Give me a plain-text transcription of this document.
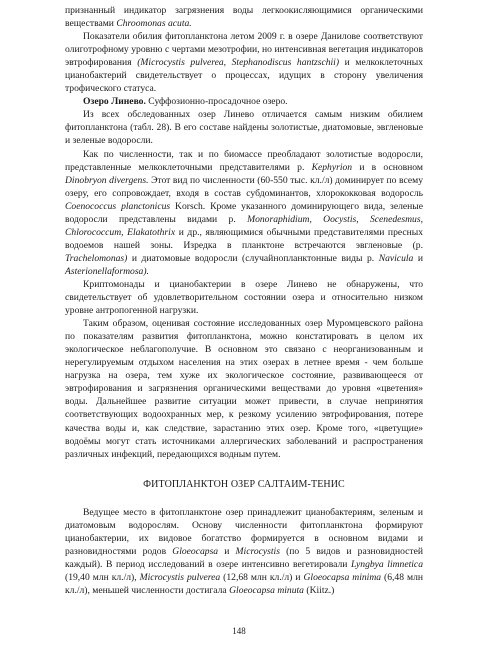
признанный индикатор загрязнения воды легкоокисляющимися органическими веществами Chroomonas acuta.

Показатели обилия фитопланктона летом 2009 г. в озере Данилове соответствуют олиготрофному уровню с чертами мезотрофии, но интенсивная вегетация индикаторов эвтрофирования (Microcystis pulverea, Stephanodiscus hantzschii) и мелкоклеточных цианобактерий свидетельствует о процессах, идущих в сторону увеличения трофического статуса.

Озеро Линево. Суффозионно-просадочное озеро.

Из всех обследованных озер Линево отличается самым низким обилием фитопланктона (табл. 28). В его составе найдены золотистые, диатомовые, эвгленовые и зеленые водоросли.

Как по численности, так и по биомассе преобладают золотистые водоросли, представленные мелкоклеточными представителями р. Kephyrion и в основном Dinobryon divergens. Этот вид по численности (60-550 тыс. кл./л) доминирует по всему озеру, его сопровождает, входя в состав субдоминантов, хлорококковая водоросль Coenococcus planctonicus Korsch. Кроме указанного доминирующего вида, зеленые водоросли представлены видами р. Monoraphidium, Oocystis, Scenedesmus, Chlorococcum, Elakatothrix и др., являющимися обычными представителями пресных водоемов нашей зоны. Изредка в планктоне встречаются эвгленовые (р. Trachelomonas) и диатомовые водоросли (случайнопланктонные виды р. Navicula и Asterionellaformosa).

Криптомонады и цианобактерии в озере Линево не обнаружены, что свидетельствует об удовлетворительном состоянии озера и относительно низком уровне антропогенной нагрузки.

Таким образом, оценивая состояние исследованных озер Муромцевского района по показателям развития фитопланктона, можно констатировать в целом их экологическое неблагополучие. В основном это связано с неорганизованным и нерегулируемым отдыхом населения на этих озерах в летнее время - чем больше нагрузка на озера, тем хуже их экологическое состояние, развивающееся от эвтрофирования и загрязнения органическими веществами до уровня «цветения» воды. Дальнейшее развитие ситуации может привести, в случае непринятия соответствующих водоохранных мер, к резкому усилению эвтрофирования, потере качества воды и, как следствие, зарастанию этих озер. Кроме того, «цветущие» водоёмы могут стать источниками аллергических заболеваний и распространения различных инфекций, передающихся водным путем.

ФИТОПЛАНКТОН ОЗЕР САЛТАИМ-ТЕНИС

Ведущее место в фитопланктоне озер принадлежит цианобактериям, зеленым и диатомовым водорослям. Основу численности фитопланктона формируют цианобактерии, их видовое богатство формируется в основном видами и разновидностями родов Gloeocapsa и Microcystis (по 5 видов и разновидностей каждый). В период исследований в озере интенсивно вегетировали Lyngbya limnetica (19,40 млн кл./л), Microcystis pulverea (12,68 млн кл./л) и Gloeocapsa minima (6,48 млн кл./л), меньшей численности достигала Gloeocapsa minuta (Kiitz.)

148
